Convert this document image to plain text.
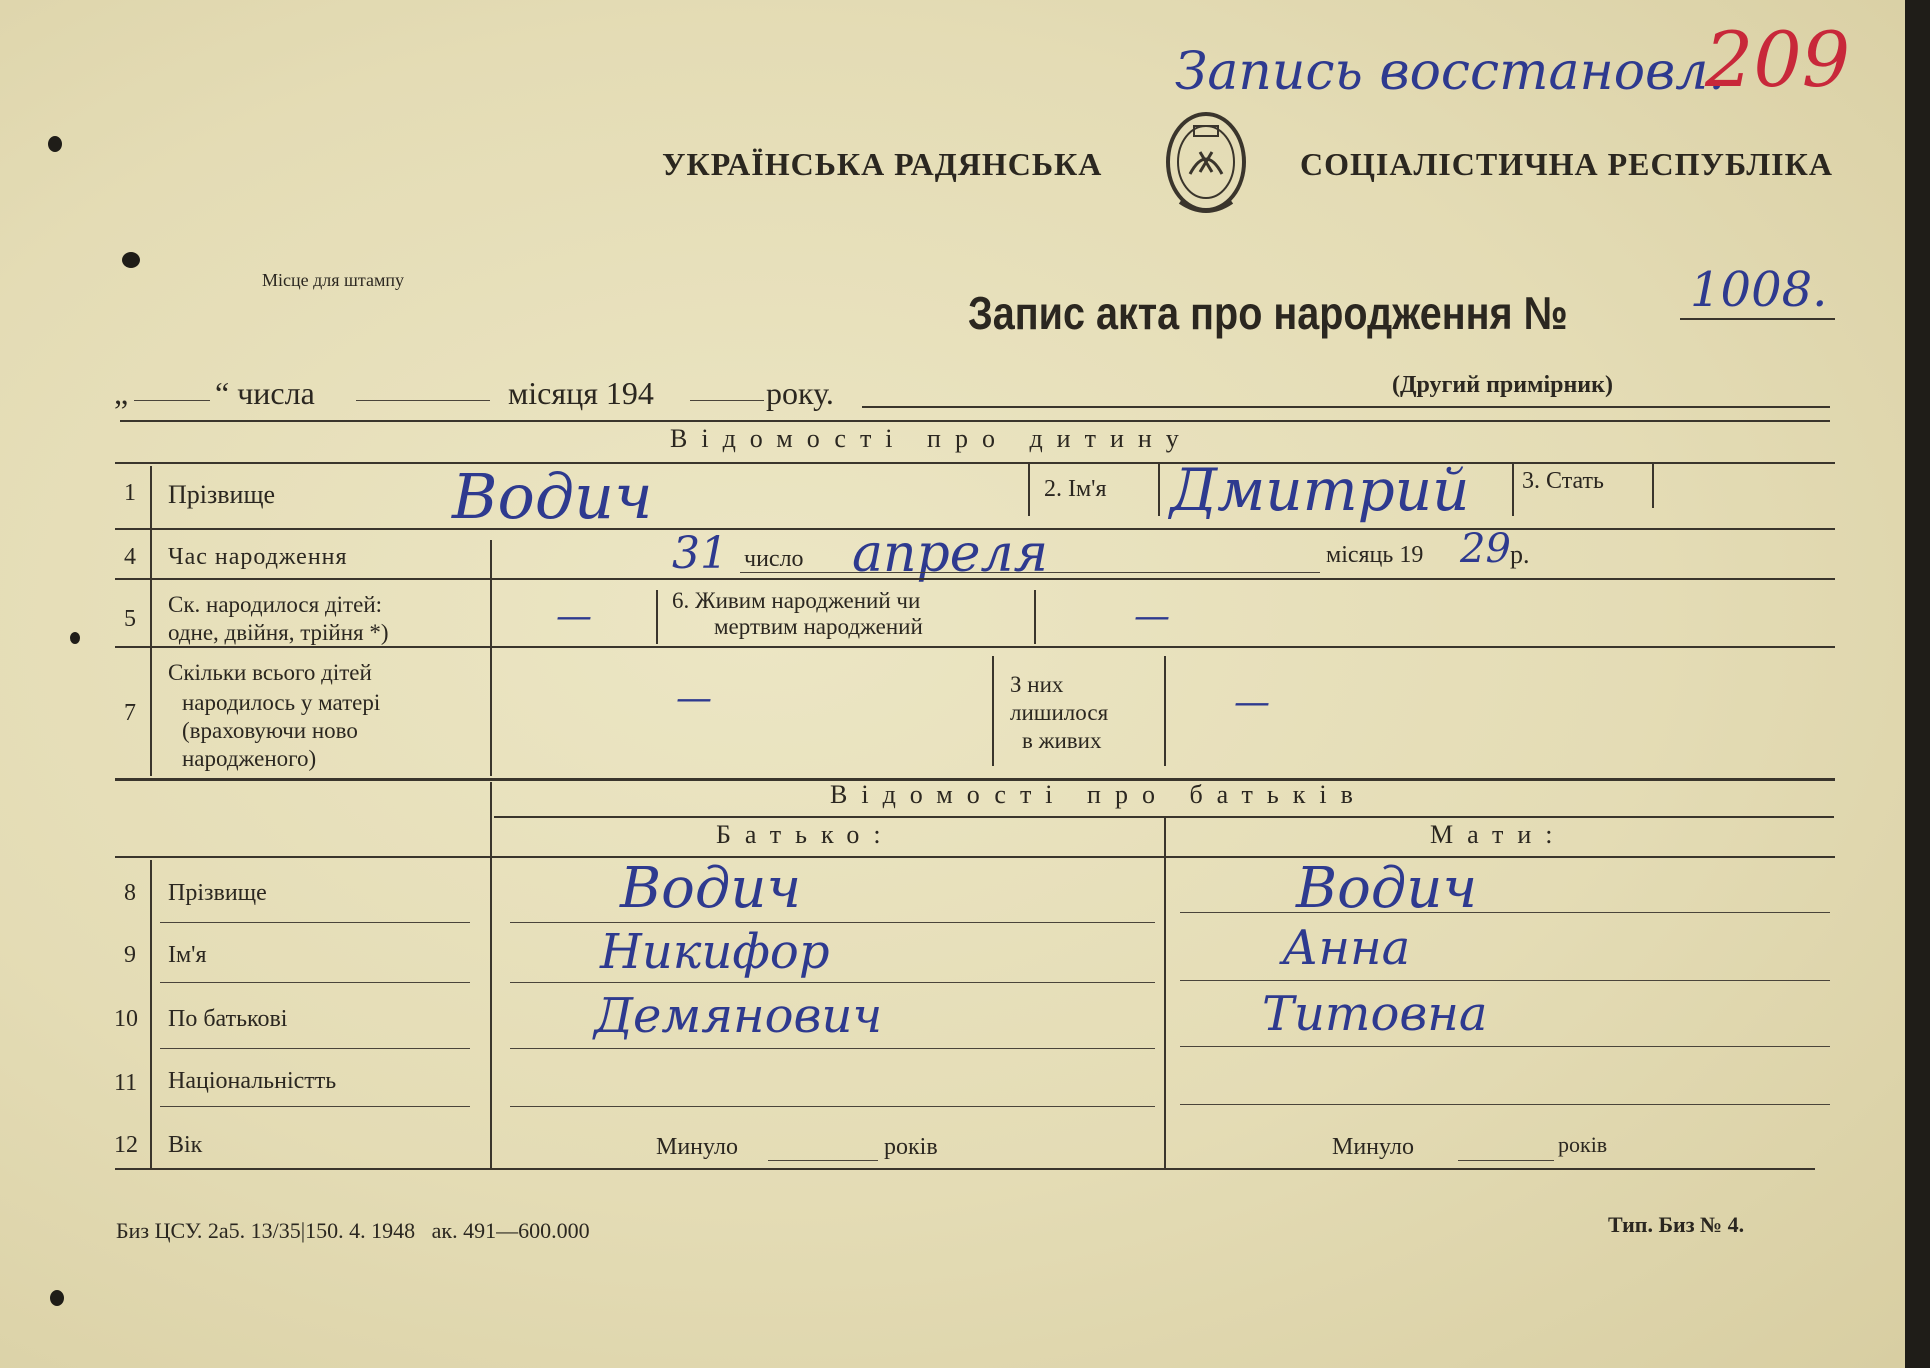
Запись восстановл.
209
УКРАЇНСЬКА РАДЯНСЬКА	СОЦІАЛІСТИЧНА РЕСПУБЛІКА
Місце для штампу
Запис акта про народження №	1008.
„	“ числа	місяця 194	року.	(Другий примірник)
Відомості про дитину
1 Прізвище	Водич	2. Ім'я Дмитрий 3. Стать
4 Час народження	31 число апреля	місяць 19 29 р.
5
Ск. народилося дітей:
одне, двійня, трійня *)	—	6. Живим народжений чи
мертвим народжений	—
7
Скільки всього дітей
народилось у матері
(враховуючи ново
народженого)
—	З них
лишилося
в живих
—
Відомості про батьків
Батько:	Мати:
8 Прізвище	Водич	Водич
9 Ім'я	Никифор	Анна
10 По батькові	Демянович	Титовна
11 Національністть
12 Вік	Минуло	років	Минуло	років
Биз ЦСУ. 2а5. 13/35|150. 4. 1948   ак. 491—600.000	Тип. Биз № 4.
